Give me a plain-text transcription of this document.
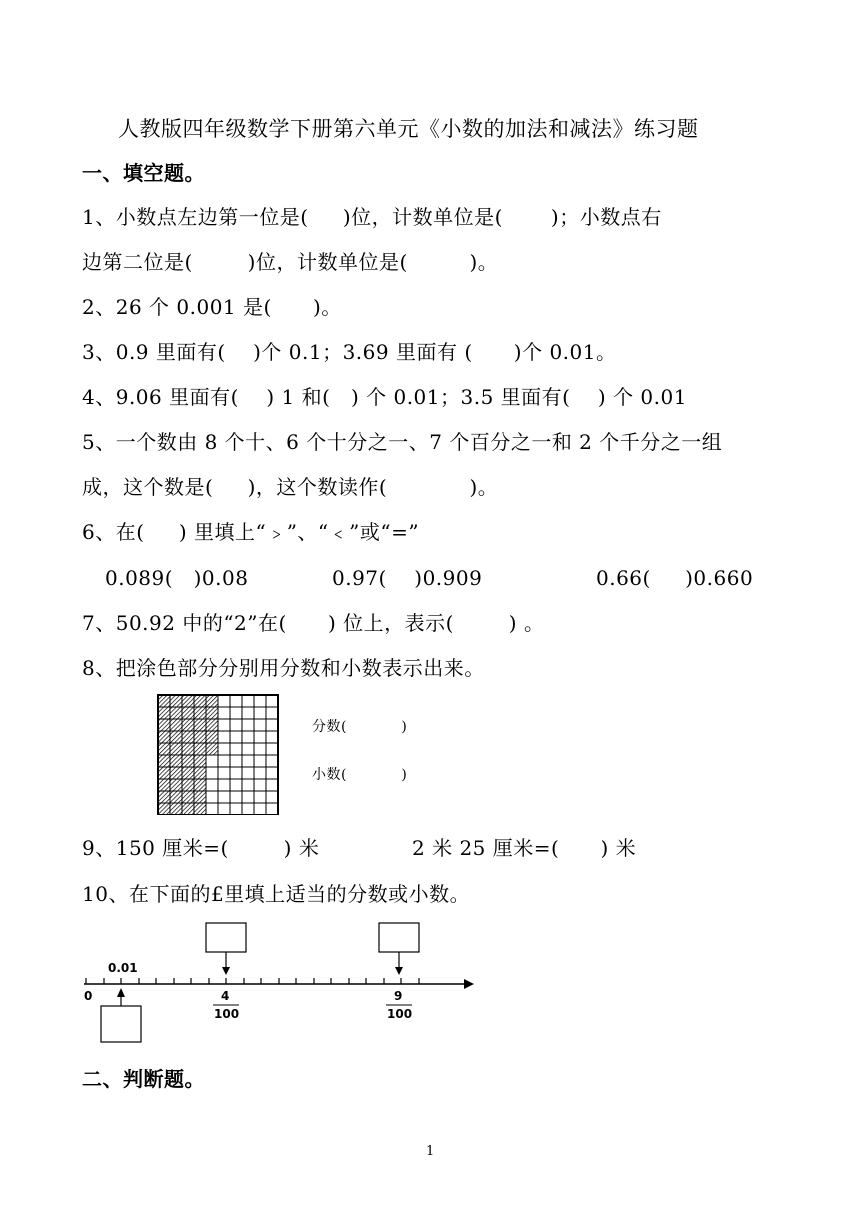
人教版四年级数学下册第六单元《小数的加法和减法》练习题
一、填空题。
1、小数点左边第一位是(     )位，计数单位是(       )；小数点右
边第二位是(        )位，计数单位是(         )。
2、26 个 0.001 是(      )。
3、0.9 里面有(    )个 0.1；3.69 里面有 (      )个 0.01。
4、9.06 里面有(    ) 1 和(   ) 个 0.01；3.5 里面有(    ) 个 0.01
5、一个数由 8 个十、6 个十分之一、7 个百分之一和 2 个千分之一组
成，这个数是(     )，这个数读作(            )。
6、在(     ) 里填上“﹥”、“﹤”或“=”
0.089(   )0.08	0.97(    )0.909	0.66(     )0.660
7、50.92 中的“2”在(      ) 位上，表示(        ) 。
8、把涂色部分分别用分数和小数表示出来。
分数(           )
小数(           )
9、150 厘米=(        ) 米	2 米 25 厘米=(      ) 米
10、在下面的£里填上适当的分数或小数。
0
0.01
4
100
9
100
二、判断题。
1
